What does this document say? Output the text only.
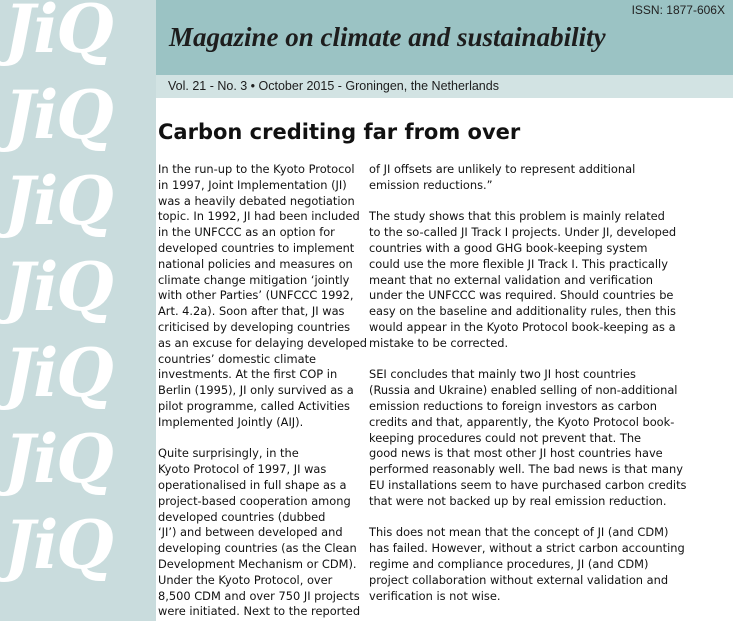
JiQ
JiQ
JiQ
JiQ
JiQ
JiQ
JiQ
ISSN: 1877-606X
Magazine on climate and sustainability
Vol. 21 - No. 3 • October 2015 - Groningen, the Netherlands
Carbon crediting far from over

In the run-up to the Kyoto Protocol
in 1997, Joint Implementation (JI)
was a heavily debated negotiation
topic. In 1992, JI had been included
in the UNFCCC as an option for
developed countries to implement
national policies and measures on
climate change mitigation ‘jointly
with other Parties’ (UNFCCC 1992,
Art. 4.2a). Soon after that, JI was
criticised by developing countries
as an excuse for delaying developed
countries’ domestic climate
investments. At the first COP in
Berlin (1995), JI only survived as a
pilot programme, called Activities
Implemented Jointly (AIJ).

Quite surprisingly, in the
Kyoto Protocol of 1997, JI was
operationalised in full shape as a
project-based cooperation among
developed countries (dubbed
‘JI’) and between developed and
developing countries (as the Clean
Development Mechanism or CDM).
Under the Kyoto Protocol, over
8,500 CDM and over 750 JI projects
were initiated. Next to the reported

of JI offsets are unlikely to represent additional
emission reductions.”

The study shows that this problem is mainly related
to the so-called JI Track I projects. Under JI, developed
countries with a good GHG book-keeping system
could use the more flexible JI Track I. This practically
meant that no external validation and verification
under the UNFCCC was required. Should countries be
easy on the baseline and additionality rules, then this
would appear in the Kyoto Protocol book-keeping as a
mistake to be corrected.

SEI concludes that mainly two JI host countries
(Russia and Ukraine) enabled selling of non-additional
emission reductions to foreign investors as carbon
credits and that, apparently, the Kyoto Protocol book-
keeping procedures could not prevent that. The
good news is that most other JI host countries have
performed reasonably well. The bad news is that many
EU installations seem to have purchased carbon credits
that were not backed up by real emission reduction.

This does not mean that the concept of JI (and CDM)
has failed. However, without a strict carbon accounting
regime and compliance procedures, JI (and CDM)
project collaboration without external validation and
verification is not wise.
